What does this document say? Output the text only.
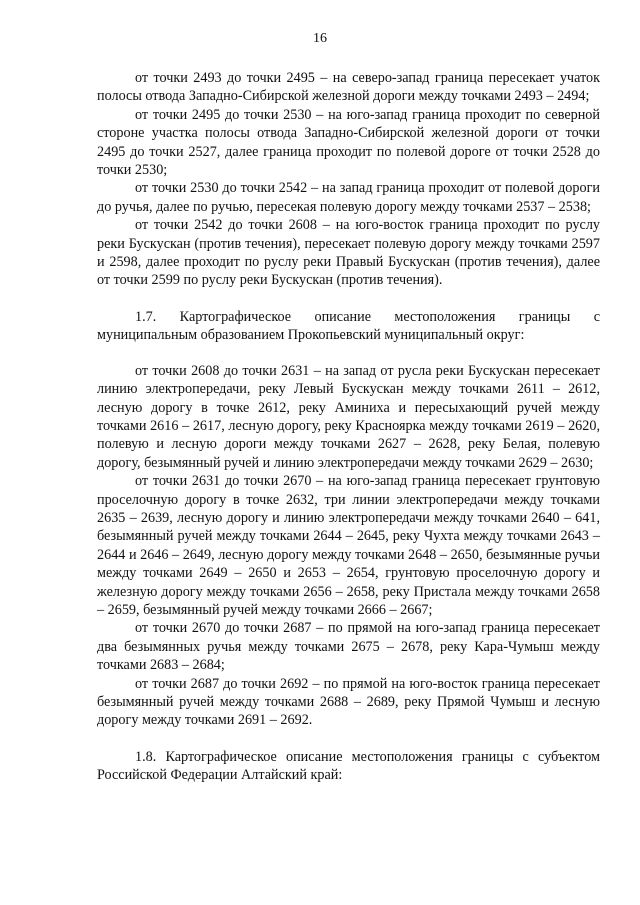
16

от точки 2493 до точки 2495 – на северо-запад граница пересекает учаток полосы отвода Западно-Сибирской железной дороги между точками 2493 – 2494;

от точки 2495 до точки 2530 – на юго-запад граница проходит по северной стороне участка полосы отвода Западно-Сибирской железной дороги от точки 2495 до точки 2527, далее граница проходит по полевой дороге от точки 2528 до точки 2530;

от точки 2530 до точки 2542 – на запад граница проходит от полевой дороги до ручья, далее по ручью, пересекая полевую дорогу между точками 2537 – 2538;

от точки 2542 до точки 2608 – на юго-восток граница проходит по руслу реки Бускускан (против течения), пересекает полевую дорогу между точками 2597 и 2598, далее проходит по руслу реки Правый Бускускан (против течения), далее от точки 2599 по руслу реки Бускускан (против течения).

1.7. Картографическое описание местоположения границы с муниципальным образованием Прокопьевский муниципальный округ:

от точки 2608 до точки 2631 – на запад от русла реки Бускускан пересекает линию электропередачи, реку Левый Бускускан между точками 2611 – 2612, лесную дорогу в точке 2612, реку Аминиха и пересыхающий ручей между точками 2616 – 2617, лесную дорогу, реку Красноярка между точками 2619 – 2620, полевую и лесную дороги между точками 2627 – 2628, реку Белая, полевую дорогу, безымянный ручей и линию электропередачи между точками 2629 – 2630;

от точки 2631 до точки 2670 – на юго-запад граница пересекает грунтовую проселочную дорогу в точке 2632, три линии электропередачи между точками 2635 – 2639, лесную дорогу и линию электропередачи между точками 2640 – 641, безымянный ручей между точками 2644 – 2645, реку Чухта между точками 2643 – 2644 и 2646 – 2649, лесную дорогу между точками 2648 – 2650, безымянные ручьи между точками 2649 – 2650 и 2653 – 2654, грунтовую проселочную дорогу и железную дорогу между точками 2656 – 2658, реку Пристала между точками 2658 – 2659, безымянный ручей между точками 2666 – 2667;

от точки 2670 до точки 2687 – по прямой на юго-запад граница пересекает два безымянных ручья между точками 2675 – 2678, реку Кара-Чумыш между точками 2683 – 2684;

от точки 2687 до точки 2692 – по прямой на юго-восток граница пересекает безымянный ручей между точками 2688 – 2689, реку Прямой Чумыш и лесную дорогу между точками 2691 – 2692.

1.8. Картографическое описание местоположения границы с субъектом Российской Федерации Алтайский край:
